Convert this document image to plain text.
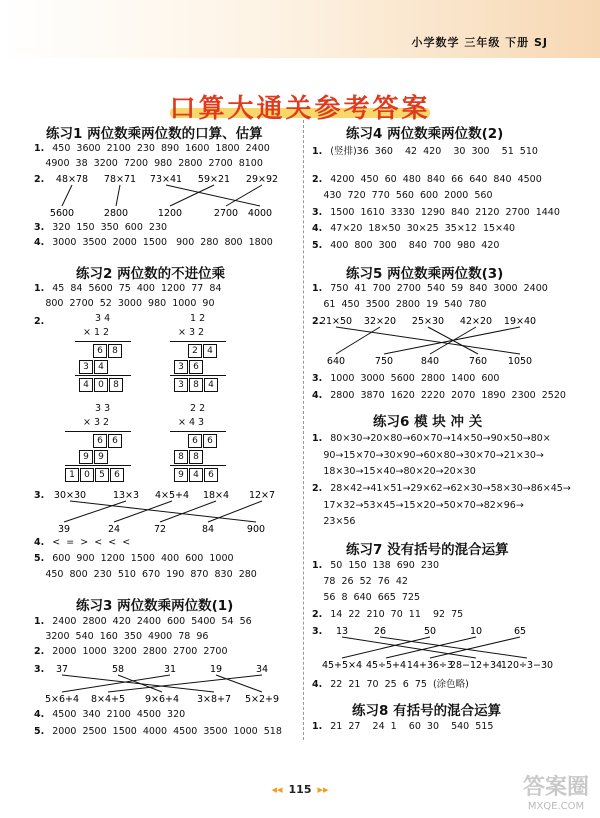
小学数学 三年级 下册 SJ
口算大通关参考答案
练习1 两位数乘两位数的口算、估算
1. 450  3600  2100  230  890  1600  1800  2400
4900  38  3200  7200  980  2800  2700  8100
2.	48×78 78×71 73×41 59×21 29×92
5600	2800	1200	2700 4000
3. 320  150  350  600  230
4. 3000  3500  2000  1500   900  280  800  1800
练习2 两位数的不进位乘
1. 45  84  5600  75  400  1200  77  84
800  2700  52  3000  980  1000  90
2.	3 4
× 1 2
6 8
3 4
4 0 8
1 2
× 3 2
2 4
3 6
3 8 4
3 3
× 3 2
6 6
9 9
1 0 5 6
2 2
× 4 3
6 6
8 8
9 4 6
3.	30×30	13×3 4×5+4 18×4 12×7
39	24	72	84	900
4. <  =  >  <  <  <
5. 600  900  1200  1500  400  600  1000
450  800  230  510  670  190  870  830  280
练习3 两位数乘两位数(1)
1. 2400  2800  420  2400  600  5400  54  56
3200  540  160  350  4900  78  96
2. 2000  1000  3200  2800  2700  2700
3.	37	58	31	19	34
5×6+4 8×4+5 9×6+4 3×8+7 5×2+9
4. 4500  340  2100  4500  320
5. 2000  2500  1500  4000  4500  3500  1000  518
练习4 两位数乘两位数(2)
1. (竖排)36  360    42  420    30  300    51  510
2. 4200  450  60  480  840  66  640  840  4500
430  720  770  560  600  2000  560
3. 1500  1610  3330  1290  840  2120  2700  1440
4. 47×20  18×50  30×25  35×12  15×40
5. 400  800  300    840  700  980  420
练习5 两位数乘两位数(3)
1. 750  41  700  2700  540  59  840  3000  2400
61  450  3500  2800  19  540  780
2.
21×50 32×20 25×30 42×20 19×40
640	750	840	760 1050
3. 1000  3000  5600  2800  1400  600
4. 2800  3870  1620  2220  2070  1890  2300  2520
练习6 模 块 冲 关
1. 80×30→20×80→60×70→14×50→90×50→80×
90→15×70→30×90→60×80→30×70→21×30→
18×30→15×40→80×20→20×30
2. 28×42→41×51→29×62→62×30→58×30→86×45→
17×32→53×45→15×20→50×70→82×96→
23×56
练习7 没有括号的混合运算
1. 50  150  138  690  230
78  26  52  76  42
56  8  640  665  725
2. 14  22  210  70  11    92  75
3.	13	26	50	10	65
45+5×4 45÷5+4 14+36÷3
28−12+34
120÷3−30
4. 22  21  70  25  6  75  (涂色略)
练习8 有括号的混合运算
1. 21  27    24  1    60  30    540  515
◂◂ 115 ▸▸	答案圈
MXQE.COM
